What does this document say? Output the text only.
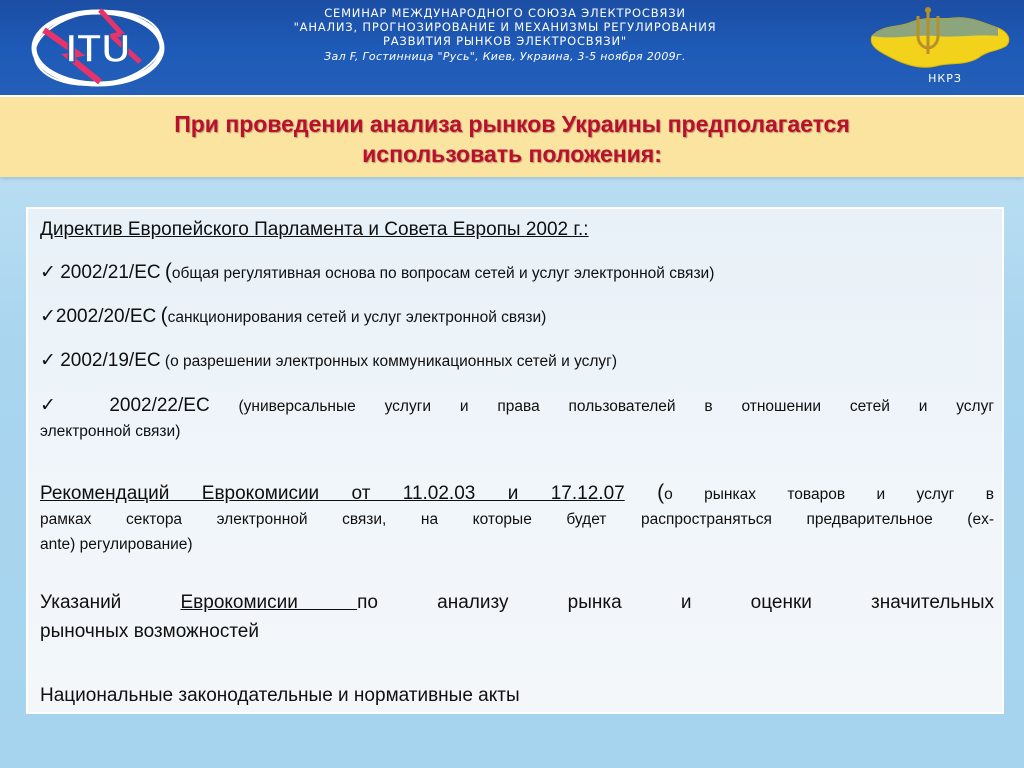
ITU
СЕМИНАР МЕЖДУНАРОДНОГО СОЮЗА ЭЛЕКТРОСВЯЗИ
"АНАЛИЗ, ПРОГНОЗИРОВАНИЕ И МЕХАНИЗМЫ РЕГУЛИРОВАНИЯ
РАЗВИТИЯ РЫНКОВ ЭЛЕКТРОСВЯЗИ"
Зал F, Гостинница "Русь", Киев, Украина, 3-5 ноября 2009г.
НКРЗ
При проведении анализа рынков Украины предполагается
использовать положения:

Директив Европейского Парламента и Совета Европы 2002 г.:

✓ 2002/21/ЕС (общая регулятивная основа по вопросам сетей и услуг электронной связи)

✓2002/20/ЕС (санкционирования сетей и услуг электронной связи)

✓ 2002/19/ЕС (о разрешении электронных коммуникационных сетей и услуг)

✓ 2002/22/ЕС (универсальные услуги и права пользователей в отношении сетей и услуг

электронной связи)

Рекомендаций Еврокомисии от 11.02.03 и 17.12.07 (о рынках товаров и услуг в

рамках сектора электронной связи, на которые будет распространяться предварительное (ex-

ante) регулирование)

Указаний	Еврокомисии по анализу рынка и оценки значительных

рыночных возможностей

Национальные законодательные и нормативные акты
